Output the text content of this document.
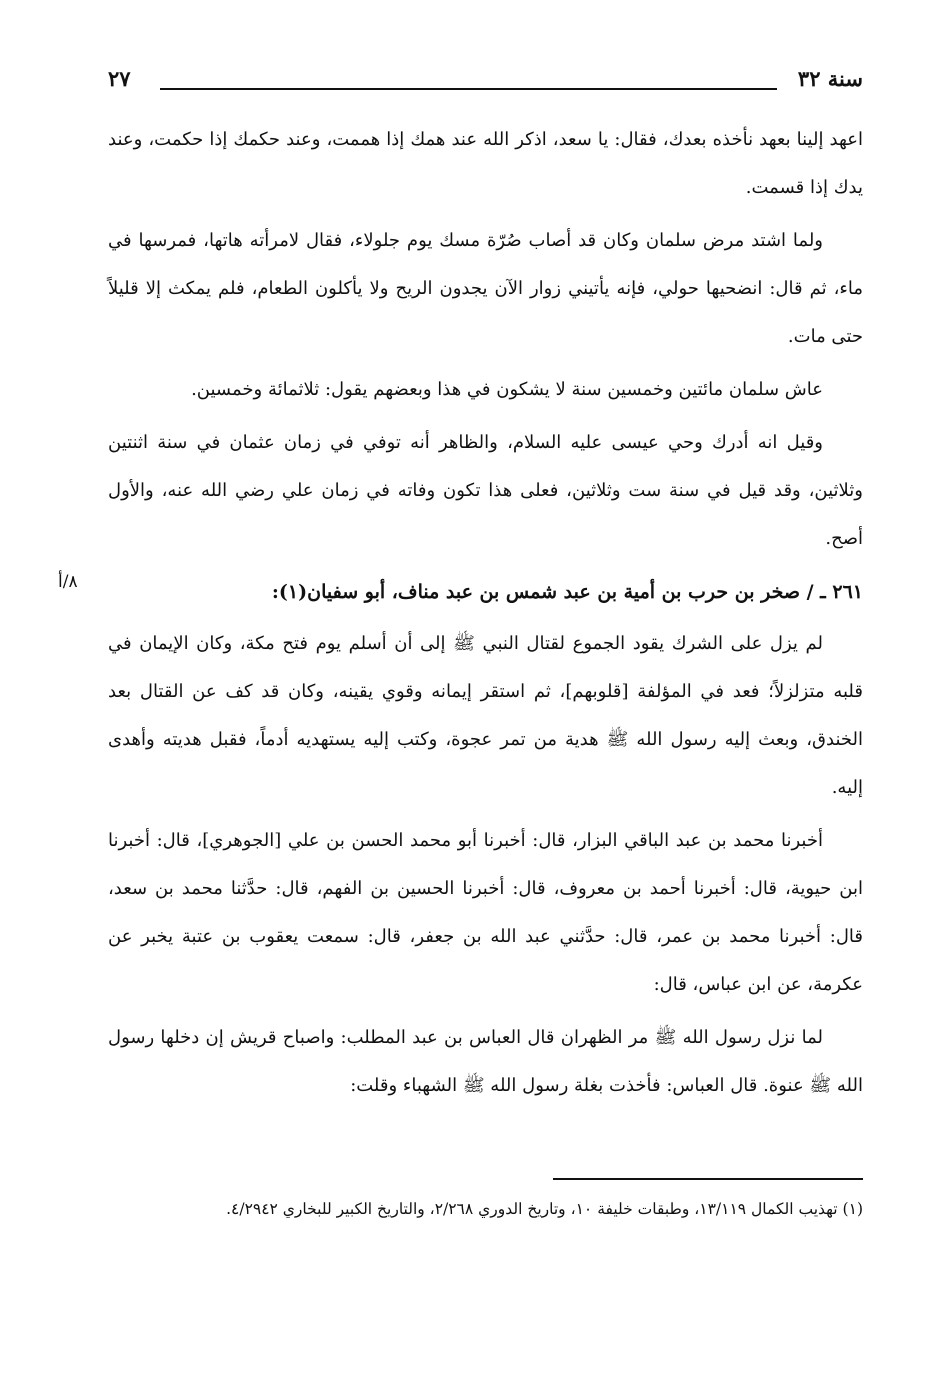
سنة ٣٢
٢٧

اعهد إلينا بعهد نأخذه بعدك، فقال: يا سعد، اذكر الله عند همك إذا هممت، وعند حكمك إذا حكمت، وعند يدك إذا قسمت.

ولما اشتد مرض سلمان وكان قد أصاب صُرّة مسك يوم جلولاء، فقال لامرأته هاتها، فمرسها في ماء، ثم قال: انضحيها حولي، فإنه يأتيني زوار الآن يجدون الريح ولا يأكلون الطعام، فلم يمكث إلا قليلاً حتى مات.

عاش سلمان مائتين وخمسين سنة لا يشكون في هذا وبعضهم يقول: ثلاثمائة وخمسين.

وقيل انه أدرك وحي عيسى عليه السلام، والظاهر أنه توفي في زمان عثمان في سنة اثنتين وثلاثين، وقد قيل في سنة ست وثلاثين، فعلى هذا تكون وفاته في زمان علي رضي الله عنه، والأول أصح.

٢٦١ ـ / صخر بن حرب بن أمية بن عبد شمس بن عبد مناف، أبو سفيان(١):
٨/أ

لم يزل على الشرك يقود الجموع لقتال النبي ﷺ إلى أن أسلم يوم فتح مكة، وكان الإيمان في قلبه متزلزلاً؛ فعد في المؤلفة [قلوبهم]، ثم استقر إيمانه وقوي يقينه، وكان قد كف عن القتال بعد الخندق، وبعث إليه رسول الله ﷺ هدية من تمر عجوة، وكتب إليه يستهديه أدماً، فقبل هديته وأهدى إليه.

أخبرنا محمد بن عبد الباقي البزار، قال: أخبرنا أبو محمد الحسن بن علي [الجوهري]، قال: أخبرنا ابن حيوية، قال: أخبرنا أحمد بن معروف، قال: أخبرنا الحسين بن الفهم، قال: حدَّثنا محمد بن سعد، قال: أخبرنا محمد بن عمر، قال: حدَّثني عبد الله بن جعفر، قال: سمعت يعقوب بن عتبة يخبر عن عكرمة، عن ابن عباس، قال:

لما نزل رسول الله ﷺ مر الظهران قال العباس بن عبد المطلب: واصباح قريش إن دخلها رسول الله ﷺ عنوة. قال العباس: فأخذت بغلة رسول الله ﷺ الشهباء وقلت:

(١) تهذيب الكمال ١٣/١١٩، وطبقات خليفة ١٠، وتاريخ الدوري ٢/٢٦٨، والتاريخ الكبير للبخاري ٤/٢٩٤٢.
